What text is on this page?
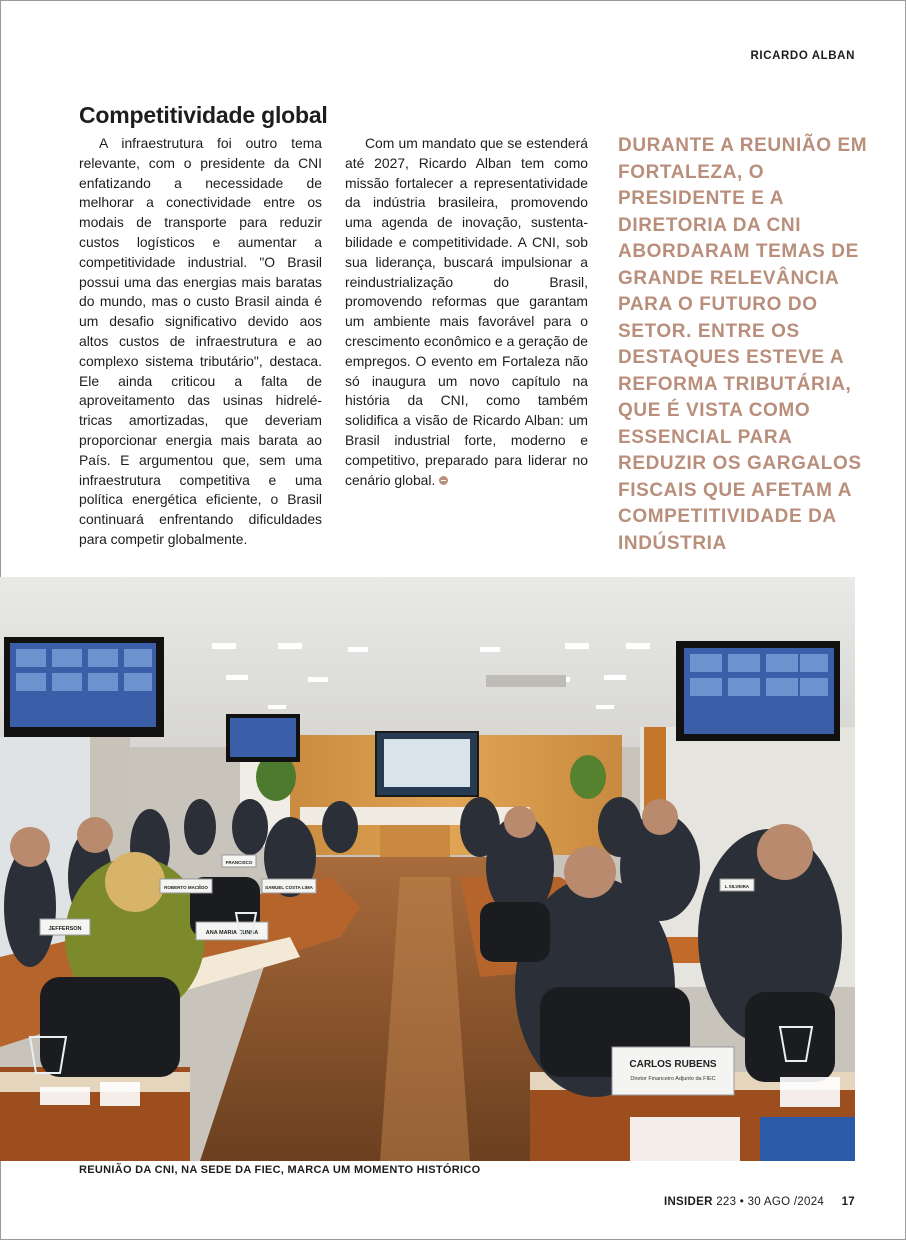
RICARDO ALBAN
Competitividade global

A infraestrutura foi outro tema relevante, com o presidente da CNI enfatizando a necessidade de melhorar a conectividade entre os modais de transporte para reduzir custos logísticos e aumentar a competitividade industrial. "O Brasil possui uma das energias mais baratas do mundo, mas o custo Brasil ainda é um desafio significativo devido aos altos custos de infraestrutura e ao complexo sistema tributário", destaca. Ele ainda criticou a falta de aproveitamento das usinas hidrelétricas amortizadas, que deveriam proporcionar energia mais barata ao País. E argumentou que, sem uma infraestrutura competitiva e uma política energética eficiente, o Brasil continuará enfrentando dificuldades para competir globalmente.

Com um mandato que se estenderá até 2027, Ricardo Alban tem como missão fortalecer a representatividade da indústria brasileira, promovendo uma agenda de inovação, sustentabilidade e competitividade. A CNI, sob sua liderança, buscará impulsionar a reindustrialização do Brasil, promovendo reformas que garantam um ambiente mais favorável para o crescimento econômico e a geração de empregos. O evento em Fortaleza não só inaugura um novo capítulo na história da CNI, como também solidifica a visão de Ricardo Alban: um Brasil industrial forte, moderno e competitivo, preparado para liderar no cenário global.

DURANTE A REUNIÃO EM FORTALEZA, O PRESIDENTE E A DIRETORIA DA CNI ABORDARAM TEMAS DE GRANDE RELEVÂNCIA PARA O FUTURO DO SETOR. ENTRE OS DESTAQUES ESTEVE A REFORMA TRIBUTÁRIA, QUE É VISTA COMO ESSENCIAL PARA REDUZIR OS GARGALOS FISCAIS QUE AFETAM A COMPETITIVIDADE DA INDÚSTRIA

CARLOS RUBENS
Diretor Financeiro Adjunto da FIEC
ANA MARIA CUNHA
JEFFERSON
ROBERTO MACÊDO	SAMUEL COSTA LIMA
FRANCISCO
L SILVEIRA
REUNIÃO DA CNI, NA SEDE DA FIEC, MARCA UM MOMENTO HISTÓRICO
INSIDER 223 • 30 AGO /2024 17
